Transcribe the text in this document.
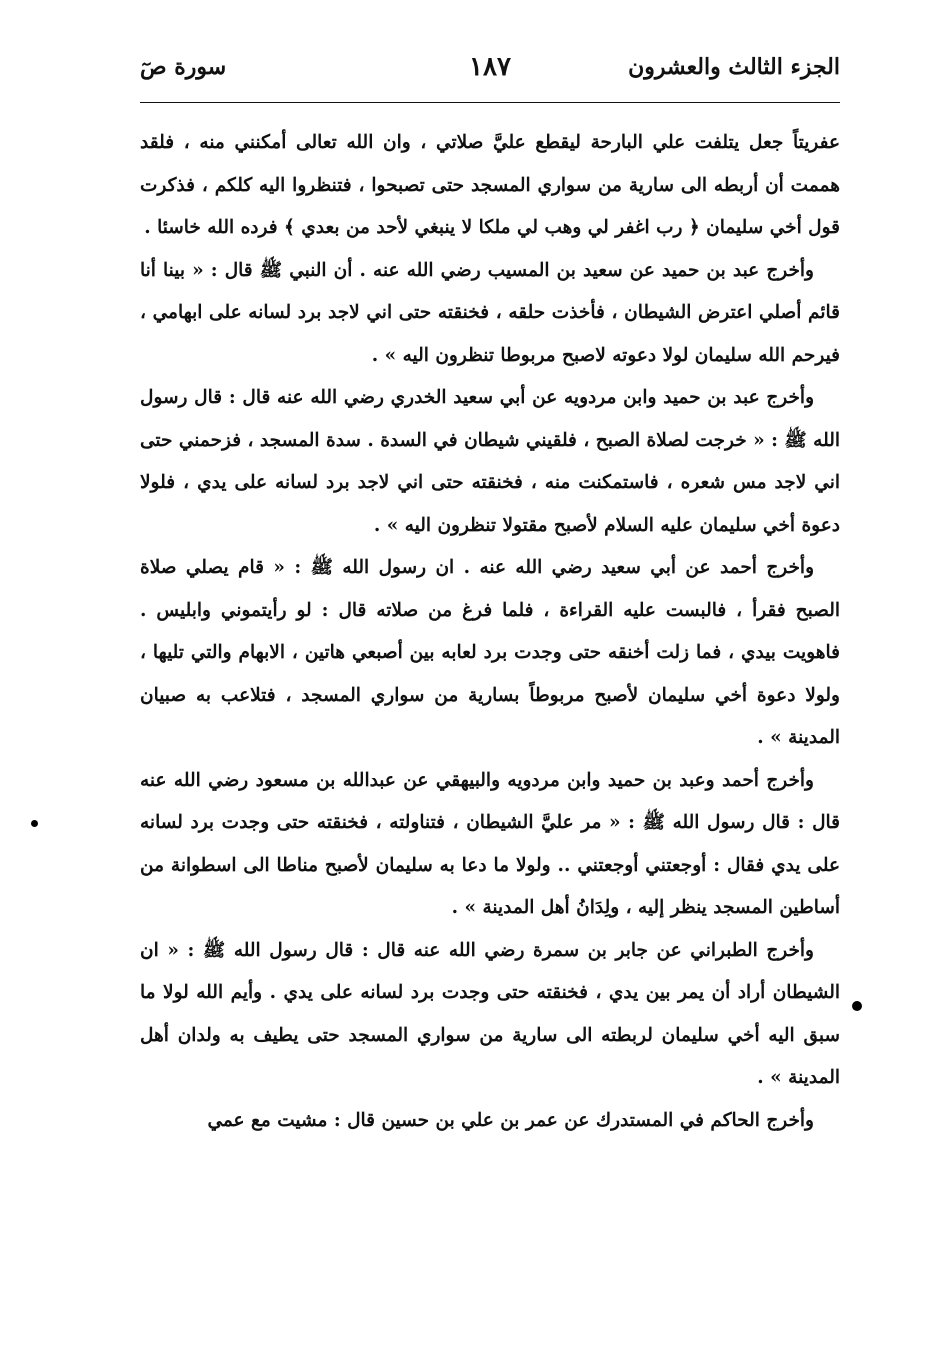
الجزء الثالث والعشرون
١٨٧
سورة صٓ

عفريتاً جعل يتلفت علي البارحة ليقطع عليَّ صلاتي ، وان الله تعالى أمكنني منه ، فلقد هممت أن أربطه الى سارية من سواري المسجد حتى تصبحوا ، فتنظروا اليه كلكم ، فذكرت قول أخي سليمان ﴿ رب اغفر لي وهب لي ملكا لا ينبغي لأحد من بعدي ﴾ فرده الله خاسئا .

وأخرج عبد بن حميد عن سعيد بن المسيب رضي الله عنه . أن النبي ﷺ قال : « بينا أنا قائم أصلي اعترض الشيطان ، فأخذت حلقه ، فخنقته حتى اني لاجد برد لسانه على ابهامي ، فيرحم الله سليمان لولا دعوته لاصبح مربوطا تنظرون اليه » .

وأخرج عبد بن حميد وابن مردويه عن أبي سعيد الخدري رضي الله عنه قال : قال رسول الله ﷺ : « خرجت لصلاة الصبح ، فلقيني شيطان في السدة . سدة المسجد ، فزحمني حتى اني لاجد مس شعره ، فاستمكنت منه ، فخنقته حتى اني لاجد برد لسانه على يدي ، فلولا دعوة أخي سليمان عليه السلام لأصبح مقتولا تنظرون اليه » .

وأخرج أحمد عن أبي سعيد رضي الله عنه . ان رسول الله ﷺ : « قام يصلي صلاة الصبح فقرأ ، فالبست عليه القراءة ، فلما فرغ من صلاته قال : لو رأيتموني وابليس . فاهويت بيدي ، فما زلت أخنقه حتى وجدت برد لعابه بين أصبعي هاتين ، الابهام والتي تليها ، ولولا دعوة أخي سليمان لأصبح مربوطاً بسارية من سواري المسجد ، فتلاعب به صبيان المدينة » .

وأخرج أحمد وعبد بن حميد وابن مردويه والبيهقي عن عبدالله بن مسعود رضي الله عنه قال : قال رسول الله ﷺ : « مر عليَّ الشيطان ، فتناولته ، فخنقته حتى وجدت برد لسانه على يدي فقال : أوجعتني أوجعتني .. ولولا ما دعا به سليمان لأصبح مناطا الى اسطوانة من أساطين المسجد ينظر إليه ، ولِدَانُ أهل المدينة » .

وأخرج الطبراني عن جابر بن سمرة رضي الله عنه قال : قال رسول الله ﷺ : « ان الشيطان أراد أن يمر بين يدي ، فخنقته حتى وجدت برد لسانه على يدي . وأيم الله لولا ما سبق اليه أخي سليمان لربطته الى سارية من سواري المسجد حتى يطيف به ولدان أهل المدينة » .

وأخرج الحاكم في المستدرك عن عمر بن علي بن حسين قال : مشيت مع عمي
